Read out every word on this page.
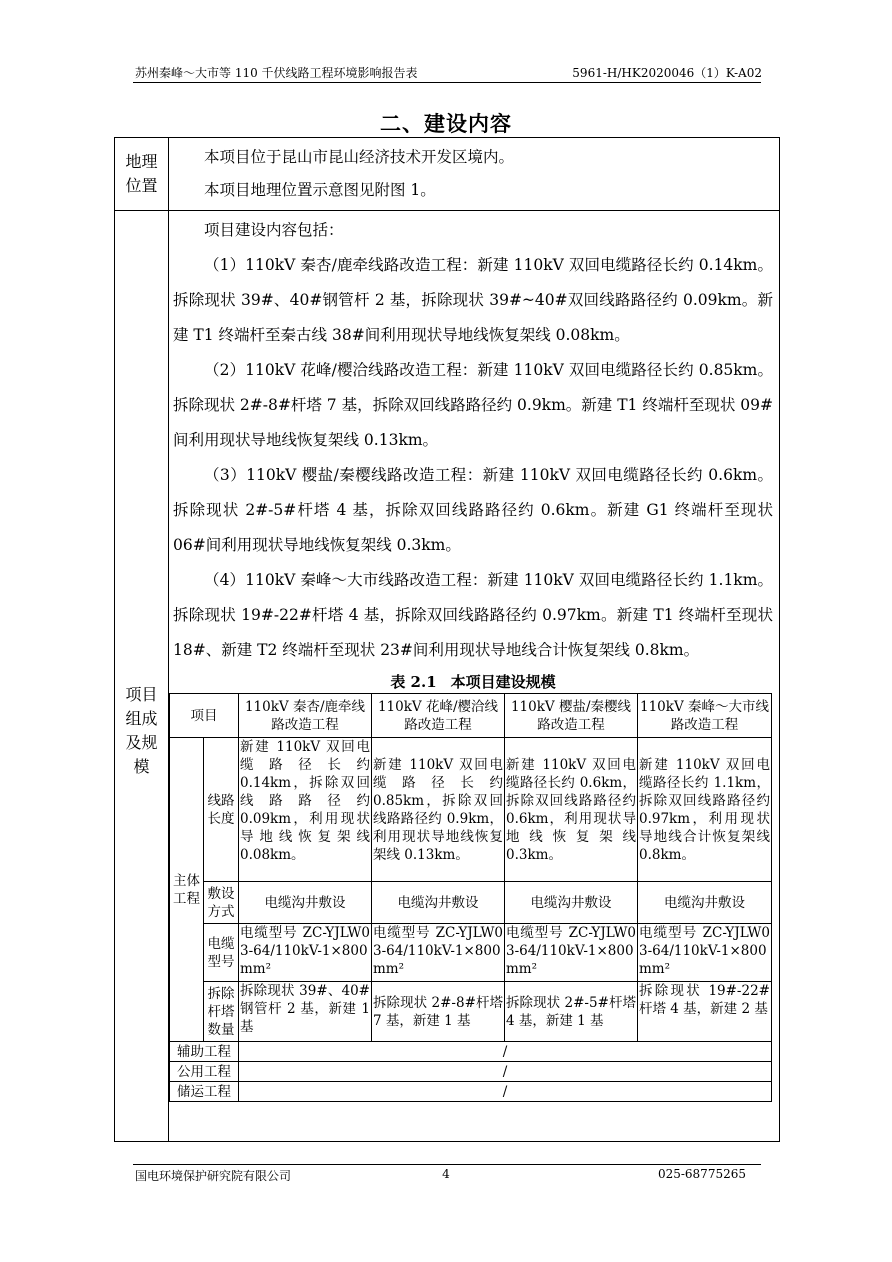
苏州秦峰～大市等 110 千伏线路工程环境影响报告表	5961-H/HK2020046（1）K-A02
二、建设内容
地理
位置

本项目位于昆山市昆山经济技术开发区境内。

本项目地理位置示意图见附图 1。

项目
组成
及规
模

项目建设内容包括：

（1）110kV 秦杏/鹿牵线路改造工程：新建 110kV 双回电缆路径长约 0.14km。拆除现状 39#、40#钢管杆 2 基，拆除现状 39#~40#双回线路路径约 0.09km。新建 T1 终端杆至秦古线 38#间利用现状导地线恢复架线 0.08km。

（2）110kV 花峰/樱洽线路改造工程：新建 110kV 双回电缆路径长约 0.85km。拆除现状 2#-8#杆塔 7 基，拆除双回线路路径约 0.9km。新建 T1 终端杆至现状 09#间利用现状导地线恢复架线 0.13km。

（3）110kV 樱盐/秦樱线路改造工程：新建 110kV 双回电缆路径长约 0.6km。拆除现状 2#-5#杆塔 4 基，拆除双回线路路径约 0.6km。新建 G1 终端杆至现状 06#间利用现状导地线恢复架线 0.3km。

（4）110kV 秦峰～大市线路改造工程：新建 110kV 双回电缆路径长约 1.1km。拆除现状 19#-22#杆塔 4 基，拆除双回线路路径约 0.97km。新建 T1 终端杆至现状 18#、新建 T2 终端杆至现状 23#间利用现状导地线合计恢复架线 0.8km。

表 2.1 本项目建设规模
项目		110kV 秦杏/鹿牵线路改造工程	110kV 花峰/樱洽线路改造工程	110kV 樱盐/秦樱线路改造工程	110kV 秦峰～大市线路改造工程
主体工程	线路长度	新建 110kV 双回电缆路径长约 0.14km，拆除双回线路路径约 0.09km，利用现状导地线恢复架线 0.08km。	新建 110kV 双回电缆路径长约 0.85km，拆除双回线路路径约 0.9km，利用现状导地线恢复架线 0.13km。	新建 110kV 双回电缆路径长约 0.6km，拆除双回线路路径约 0.6km，利用现状导地线恢复架线 0.3km。	新建 110kV 双回电缆路径长约 1.1km，拆除双回线路路径约 0.97km，利用现状导地线合计恢复架线 0.8km。
	敷设方式	电缆沟井敷设	电缆沟井敷设	电缆沟井敷设	电缆沟井敷设
	电缆型号	电缆型号 ZC-YJLW03-64/110kV-1×800mm²	电缆型号 ZC-YJLW03-64/110kV-1×800mm²	电缆型号 ZC-YJLW03-64/110kV-1×800mm²	电缆型号 ZC-YJLW03-64/110kV-1×800mm²
	拆除杆塔数量	拆除现状 39#、40#钢管杆 2 基，新建 1 基	拆除现状 2#-8#杆塔 7 基，新建 1 基	拆除现状 2#-5#杆塔 4 基，新建 1 基	拆除现状 19#-22#杆塔 4 基，新建 2 基
辅助工程		/			
公用工程		/			
储运工程		/			
国电环境保护研究院有限公司	4	025-68775265
